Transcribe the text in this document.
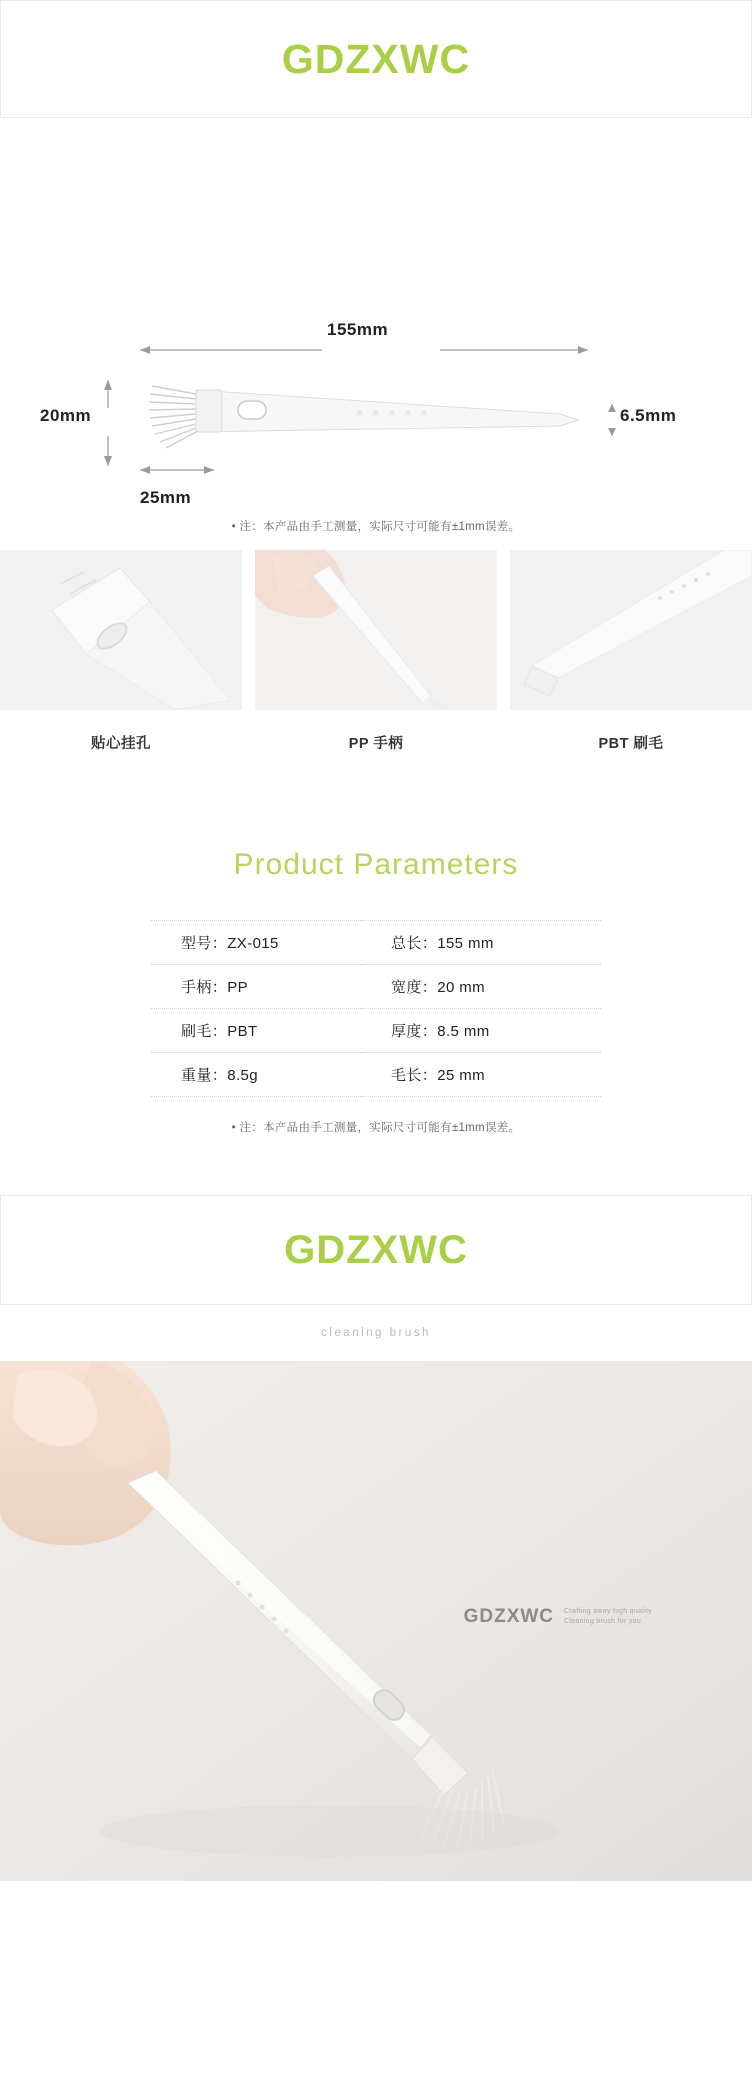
GDZXWC
✕ ✕ ✕ ✕ ✕
155mm
20mm	6.5mm
25mm
• 注：本产品由手工测量，实际尺寸可能有±1mm误差。
贴心挂孔	PP 手柄	PBT 刷毛
Product Parameters
型号：ZX-015	总长：155 mm
手柄：PP	宽度：20 mm
刷毛：PBT	厚度：8.5 mm
重量：8.5g	毛长：25 mm
• 注：本产品由手工测量，实际尺寸可能有±1mm误差。
GDZXWC
cleaning brush
GDZXWC Crafting away high quality
Cleaning brush for you
